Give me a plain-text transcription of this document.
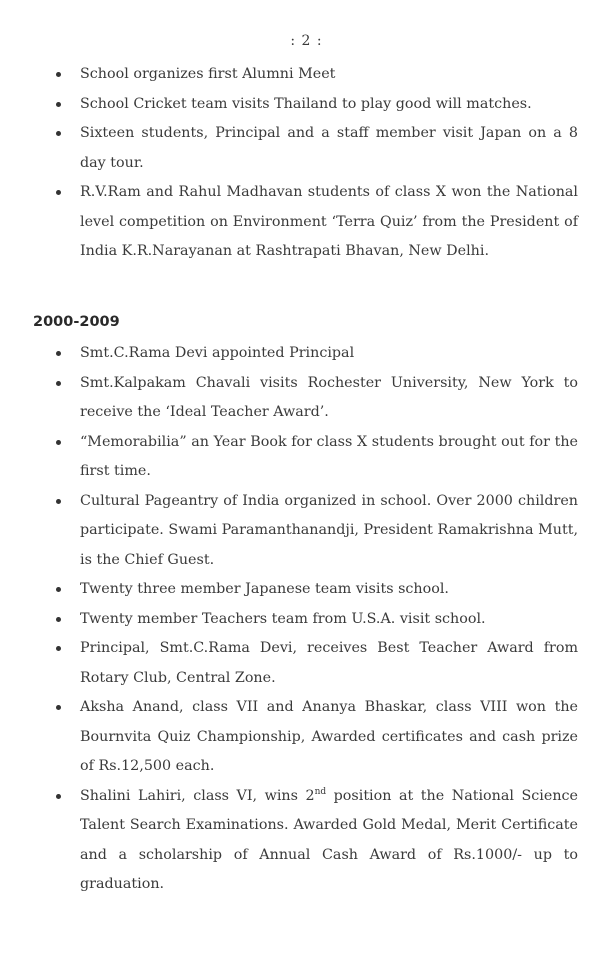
: 2 :
School organizes first Alumni Meet
School Cricket team visits Thailand to play good will matches.
Sixteen students, Principal and a staff member visit Japan on a 8 day tour.
R.V.Ram and Rahul Madhavan students of class X won the National level competition on Environment ‘Terra Quiz’ from the President of India K.R.Narayanan at Rashtrapati Bhavan, New Delhi.
2000-2009
Smt.C.Rama Devi appointed Principal
Smt.Kalpakam Chavali visits Rochester University, New York to receive the ‘Ideal Teacher Award’.
“Memorabilia” an Year Book for class X students brought out for the first time.
Cultural Pageantry of India organized in school. Over 2000 children participate. Swami Paramanthanandji, President Ramakrishna Mutt, is the Chief Guest.
Twenty three member Japanese team visits school.
Twenty member Teachers team from U.S.A. visit school.
Principal, Smt.C.Rama Devi, receives Best Teacher Award from Rotary Club, Central Zone.
Aksha Anand, class VII and Ananya Bhaskar, class VIII won the Bournvita Quiz Championship, Awarded certificates and cash prize of Rs.12,500 each.
Shalini Lahiri, class VI, wins 2nd position at the National Science Talent Search Examinations. Awarded Gold Medal, Merit Certificate and a scholarship of Annual Cash Award of Rs.1000/- up to graduation.
